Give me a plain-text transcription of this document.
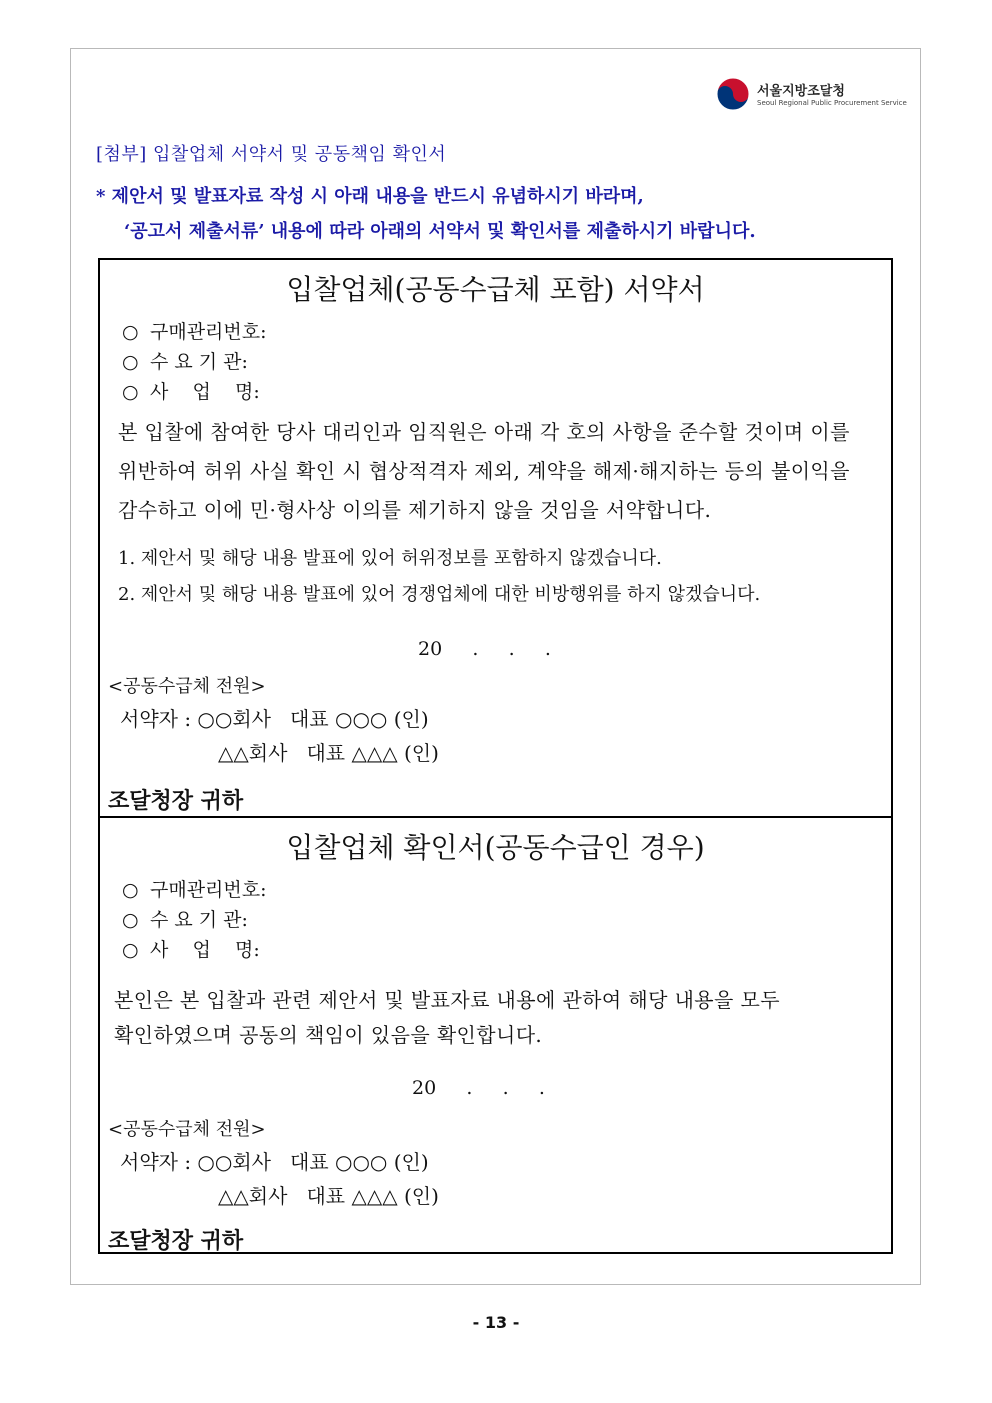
서울지방조달청
Seoul Regional Public Procurement Service
[첨부] 입찰업체 서약서 및 공동책임 확인서
* 제안서 및 발표자료 작성 시 아래 내용을 반드시 유념하시기 바라며,
‘공고서 제출서류’ 내용에 따라 아래의 서약서 및 확인서를 제출하시기 바랍니다.
입찰업체(공동수급체 포함) 서약서
○ 구매관리번호:
○ 수 요 기 관:
○ 사    업    명:
본 입찰에 참여한 당사 대리인과 임직원은 아래 각 호의 사항을 준수할 것이며 이를
위반하여 허위 사실 확인 시 협상적격자 제외, 계약을 해제·해지하는 등의 불이익을
감수하고 이에 민·형사상 이의를 제기하지 않을 것임을 서약합니다.
1. 제안서 및 해당 내용 발표에 있어 허위정보를 포함하지 않겠습니다.
2. 제안서 및 해당 내용 발표에 있어 경쟁업체에 대한 비방행위를 하지 않겠습니다.
20     .     .     .
<공동수급체 전원>
서약자 : ○○회사   대표 ○○○ (인)
△△회사   대표 △△△ (인)
조달청장 귀하
입찰업체 확인서(공동수급인 경우)
○ 구매관리번호:
○ 수 요 기 관:
○ 사    업    명:
본인은 본 입찰과 관련 제안서 및 발표자료 내용에 관하여 해당 내용을 모두
확인하였으며 공동의 책임이 있음을 확인합니다.
20     .     .     .
<공동수급체 전원>
서약자 : ○○회사   대표 ○○○ (인)
△△회사   대표 △△△ (인)
조달청장 귀하
- 13 -
